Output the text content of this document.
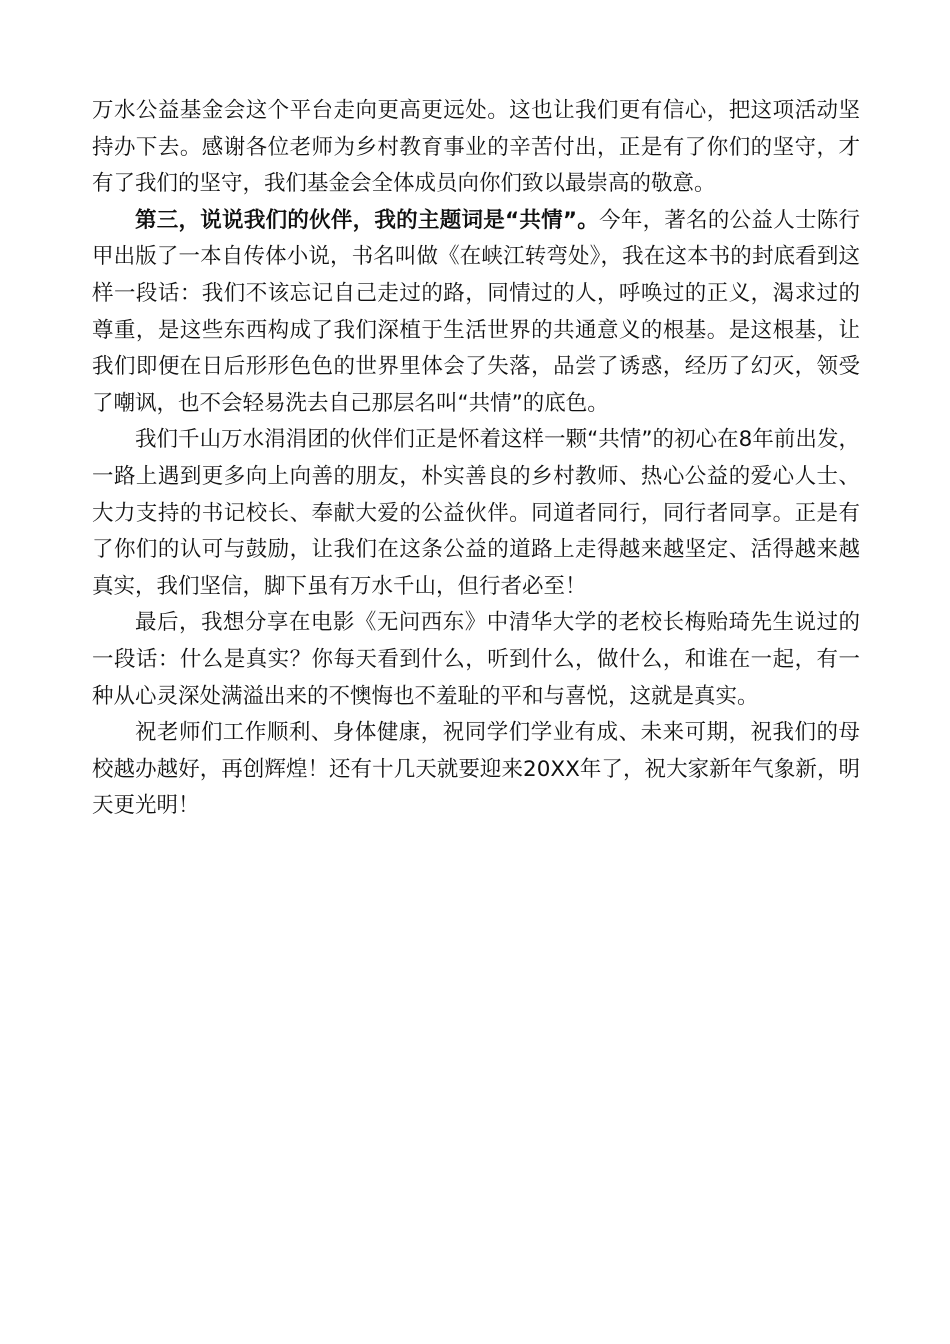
万水公益基金会这个平台走向更高更远处。这也让我们更有信心，把这项活动坚持办下去。感谢各位老师为乡村教育事业的辛苦付出，正是有了你们的坚守，才有了我们的坚守，我们基金会全体成员向你们致以最崇高的敬意。

第三，说说我们的伙伴，我的主题词是“共情”。今年，著名的公益人士陈行甲出版了一本自传体小说，书名叫做《在峡江转弯处》，我在这本书的封底看到这样一段话：我们不该忘记自己走过的路，同情过的人，呼唤过的正义，渴求过的尊重，是这些东西构成了我们深植于生活世界的共通意义的根基。是这根基，让我们即便在日后形形色色的世界里体会了失落，品尝了诱惑，经历了幻灭，领受了嘲讽，也不会轻易洗去自己那层名叫“共情”的底色。

我们千山万水涓涓团的伙伴们正是怀着这样一颗“共情”的初心在8年前出发，一路上遇到更多向上向善的朋友，朴实善良的乡村教师、热心公益的爱心人士、大力支持的书记校长、奉献大爱的公益伙伴。同道者同行，同行者同享。正是有了你们的认可与鼓励，让我们在这条公益的道路上走得越来越坚定、活得越来越真实，我们坚信，脚下虽有万水千山，但行者必至！

最后，我想分享在电影《无问西东》中清华大学的老校长梅贻琦先生说过的一段话：什么是真实？你每天看到什么，听到什么，做什么，和谁在一起，有一种从心灵深处满溢出来的不懊悔也不羞耻的平和与喜悦，这就是真实。

祝老师们工作顺利、身体健康，祝同学们学业有成、未来可期，祝我们的母校越办越好，再创辉煌！还有十几天就要迎来20XX年了，祝大家新年气象新，明天更光明！
